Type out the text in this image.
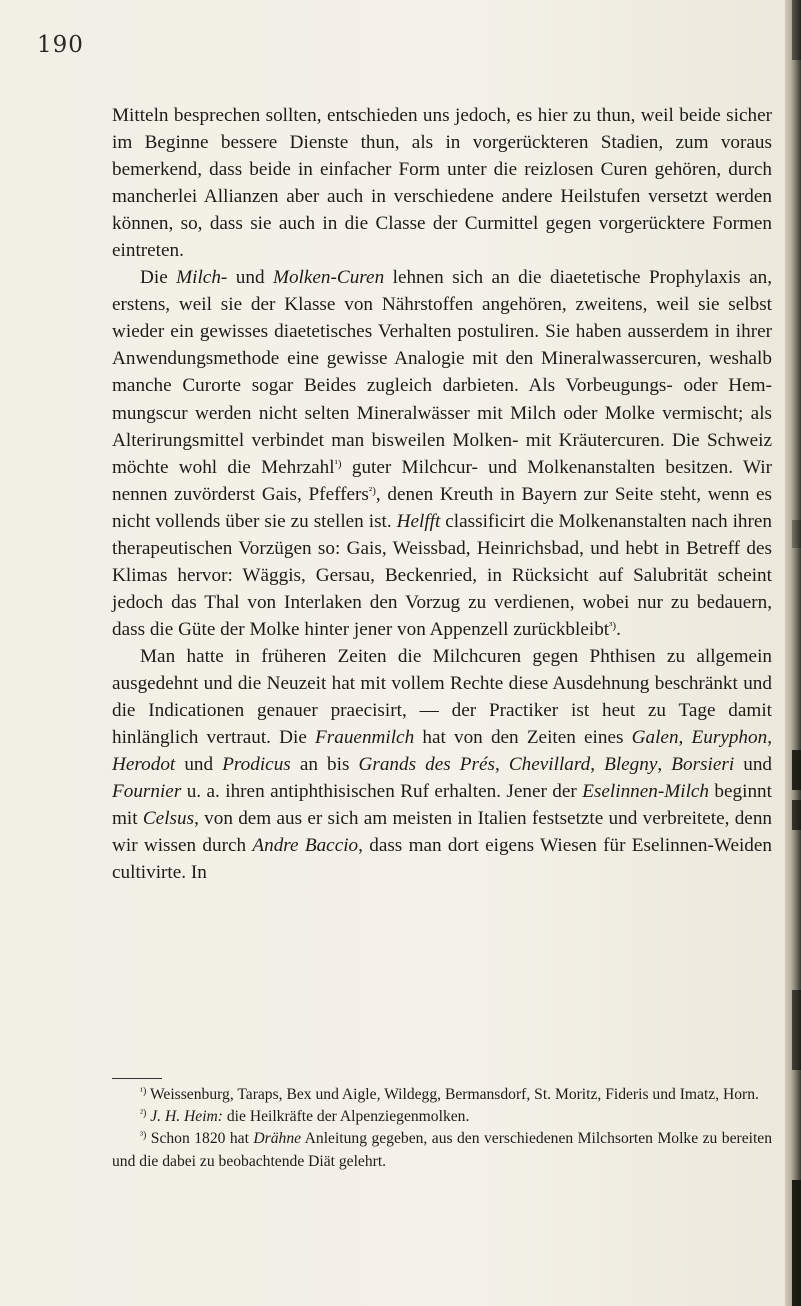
190

Mitteln besprechen sollten, entschieden uns jedoch, es hier zu thun, weil beide sicher im Beginne bessere Dienste thun, als in vorgerückteren Stadien, zum voraus bemerkend, dass beide in einfacher Form unter die reizlosen Curen gehören, durch mancherlei Allianzen aber auch in verschiedene andere Heilstufen versetzt werden können, so, dass sie auch in die Classe der Curmittel gegen vorgerücktere Formen eintreten.

Die Milch- und Molken-Curen lehnen sich an die diaetetische Prophylaxis an, erstens, weil sie der Klasse von Nährstoffen angehören, zweitens, weil sie selbst wieder ein gewisses diaetetisches Verhalten postuliren. Sie haben ausserdem in ihrer Anwendungsmethode eine gewisse Analogie mit den Mineralwassercuren, weshalb manche Curorte sogar Beides zugleich darbieten. Als Vorbeugungs- oder Hemmungscur werden nicht selten Mineralwässer mit Milch oder Molke vermischt; als Alterirungsmittel verbindet man bisweilen Molken- mit Kräutercuren. Die Schweiz möchte wohl die Mehrzahl$^{^1)}$ guter Milchcur- und Molkenanstalten besitzen. Wir nennen zuvörderst Gais, Pfeffers$^{^2)}$, denen Kreuth in Bayern zur Seite steht, wenn es nicht vollends über sie zu stellen ist. Helfft classificirt die Molkenanstalten nach ihren therapeutischen Vorzügen so: Gais, Weissbad, Heinrichsbad, und hebt in Betreff des Klimas hervor: Wäggis, Gersau, Beckenried, in Rücksicht auf Salubrität scheint jedoch das Thal von Interlaken den Vorzug zu verdienen, wobei nur zu bedauern, dass die Güte der Molke hinter jener von Appenzell zurückbleibt$^{^3)}$.

Man hatte in früheren Zeiten die Milchcuren gegen Phthisen zu allgemein ausgedehnt und die Neuzeit hat mit vollem Rechte diese Ausdehnung beschränkt und die Indicationen genauer praecisirt, — der Practiker ist heut zu Tage damit hinlänglich vertraut. Die Frauenmilch hat von den Zeiten eines Galen, Euryphon, Herodot und Prodicus an bis Grands des Prés, Chevillard, Blegny, Borsieri und Fournier u. a. ihren antiphthisischen Ruf erhalten. Jener der Eselinnen-Milch beginnt mit Celsus, von dem aus er sich am meisten in Italien festsetzte und verbreitete, denn wir wissen durch Andre Baccio, dass man dort eigens Wiesen für Eselinnen-Weiden cultivirte. In

$^{^1)}$ Weissenburg, Taraps, Bex und Aigle, Wildegg, Bermansdorf, St. Moritz, Fideris und Imatz, Horn.

$^{^2)}$ J. H. Heim: die Heilkräfte der Alpenziegenmolken.

$^{^3)}$ Schon 1820 hat Drähne Anleitung gegeben, aus den verschiedenen Milchsorten Molke zu bereiten und die dabei zu beobachtende Diät gelehrt.
